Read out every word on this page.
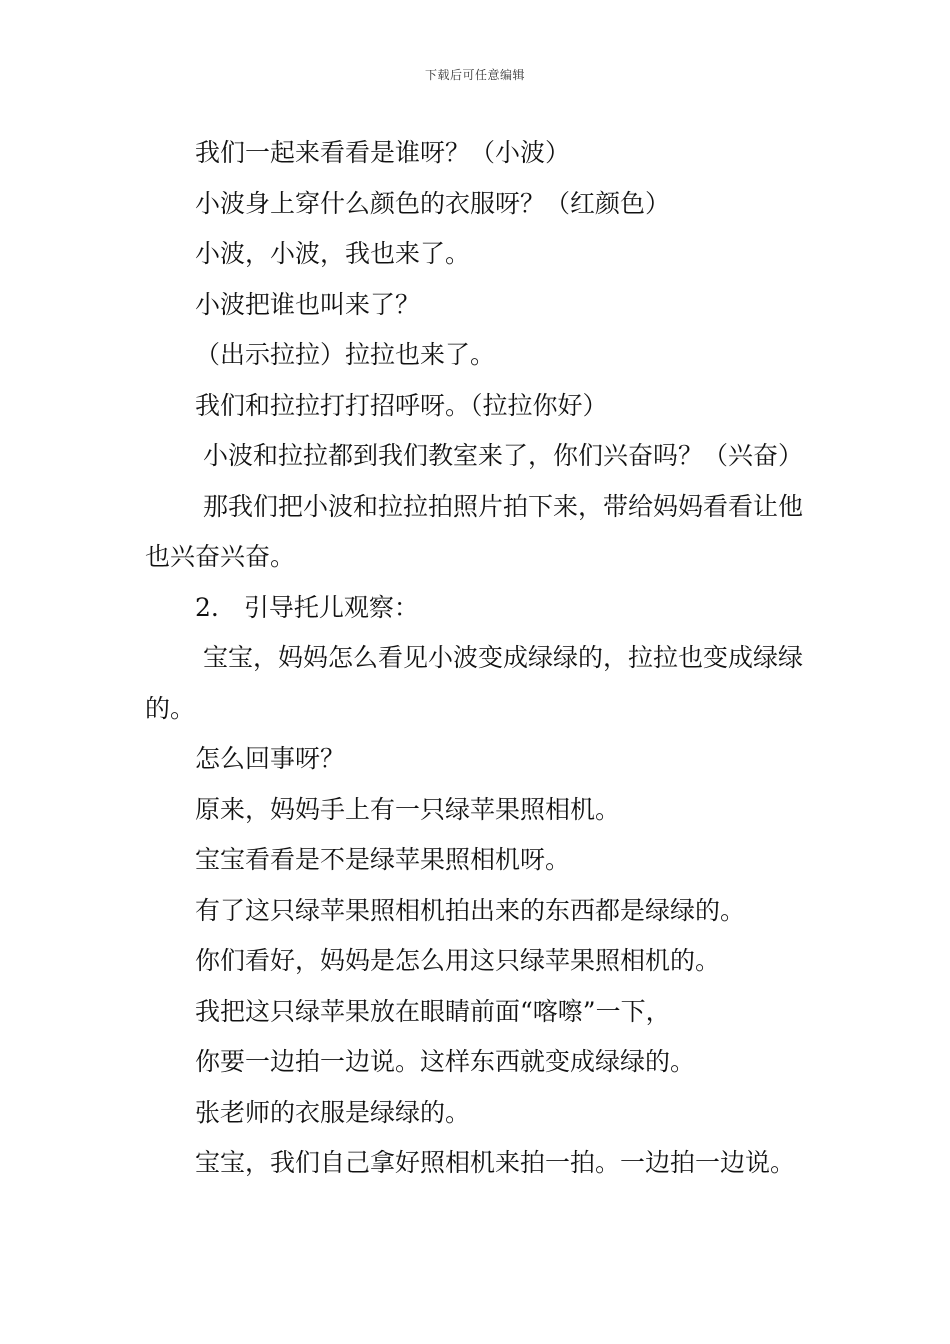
下载后可任意编辑

我们一起来看看是谁呀？（小波）

小波身上穿什么颜色的衣服呀？（红颜色）

小波，小波，我也来了。

小波把谁也叫来了？

（出示拉拉）拉拉也来了。

我们和拉拉打打招呼呀。（拉拉你好）

小波和拉拉都到我们教室来了，你们兴奋吗？（兴奋）

那我们把小波和拉拉拍照片拍下来，带给妈妈看看让他也兴奋兴奋。

2.　引导托儿观察：

宝宝，妈妈怎么看见小波变成绿绿的，拉拉也变成绿绿的。

怎么回事呀？

原来，妈妈手上有一只绿苹果照相机。

宝宝看看是不是绿苹果照相机呀。

有了这只绿苹果照相机拍出来的东西都是绿绿的。

你们看好，妈妈是怎么用这只绿苹果照相机的。

我把这只绿苹果放在眼睛前面“喀嚓”一下，

你要一边拍一边说。这样东西就变成绿绿的。

张老师的衣服是绿绿的。

宝宝，我们自己拿好照相机来拍一拍。一边拍一边说。
